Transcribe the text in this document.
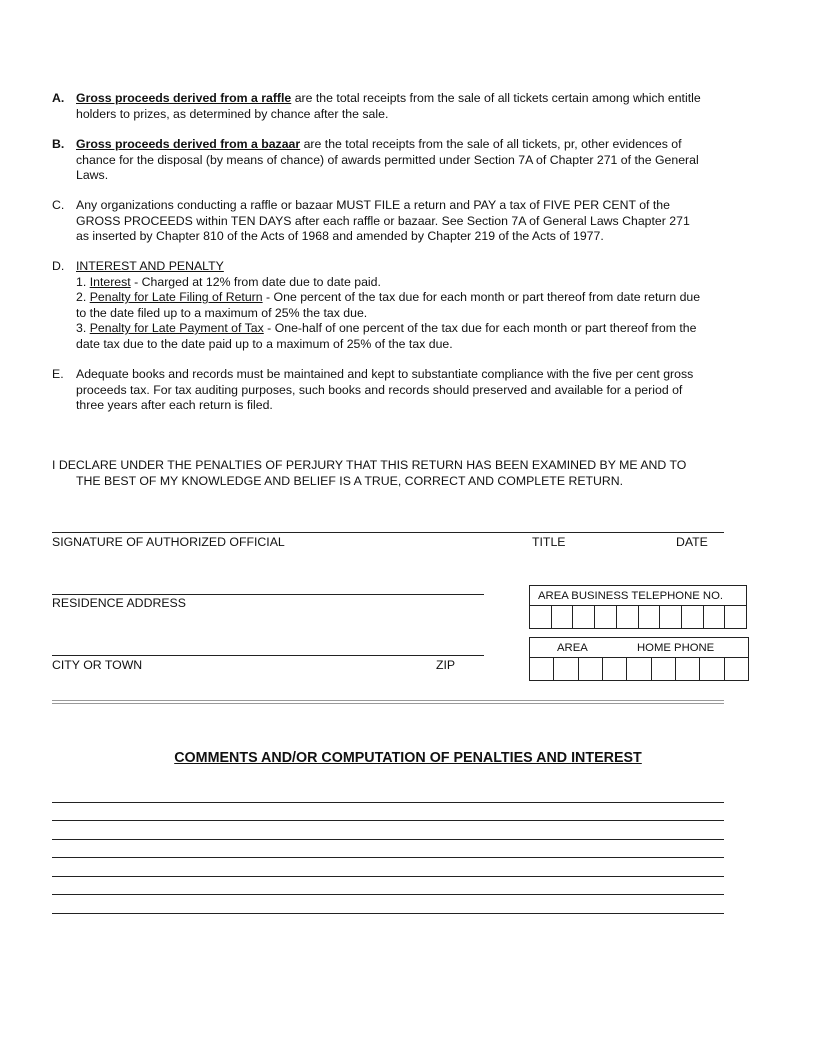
A. Gross proceeds derived from a raffle are the total receipts from the sale of all tickets certain among which entitle
holders to prizes, as determined by chance after the sale.
B. Gross proceeds derived from a bazaar are the total receipts from the sale of all tickets, pr, other evidences of
chance for the disposal (by means of chance) of awards permitted under Section 7A of Chapter 271 of the General
Laws.
C. Any organizations conducting a raffle or bazaar MUST FILE a return and PAY a tax of FIVE PER CENT of the
GROSS PROCEEDS within TEN DAYS after each raffle or bazaar. See Section 7A of General Laws Chapter 271
as inserted by Chapter 810 of the Acts of 1968 and amended by Chapter 219 of the Acts of 1977.
D. INTEREST AND PENALTY
1. Interest - Charged at 12% from date due to date paid.
2. Penalty for Late Filing of Return - One percent of the tax due for each month or part thereof from date return due
to the date filed up to a maximum of 25% the tax due.

3. Penalty for Late Payment of Tax - One-half of one percent of the tax due for each month or part thereof from the
date tax due to the date paid up to a maximum of 25% of the tax due.
E. Adequate books and records must be maintained and kept to substantiate compliance with the five per cent gross
proceeds tax. For tax auditing purposes, such books and records should preserved and available for a period of
three years after each return is filed.
I DECLARE UNDER THE PENALTIES OF PERJURY THAT THIS RETURN HAS BEEN EXAMINED BY ME AND TO
THE BEST OF MY KNOWLEDGE AND BELIEF IS A TRUE, CORRECT AND COMPLETE RETURN.
SIGNATURE OF AUTHORIZED OFFICIAL	TITLE	DATE
RESIDENCE ADDRESS
CITY OR TOWN	ZIP
AREA BUSINESS TELEPHONE NO.
AREA	HOME PHONE
COMMENTS AND/OR COMPUTATION OF PENALTIES AND INTEREST
